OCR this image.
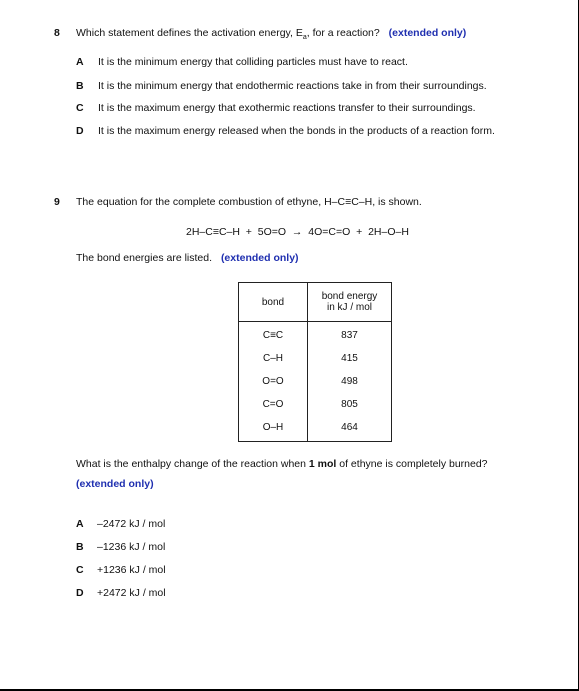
8 Which statement defines the activation energy, $E_a$, for a reaction? (extended only)
A It is the minimum energy that colliding particles must have to react.
B It is the minimum energy that endothermic reactions take in from their surroundings.
C It is the maximum energy that exothermic reactions transfer to their surroundings.
D It is the maximum energy released when the bonds in the products of a reaction form.
9 The equation for the complete combustion of ethyne, H–C≡C–H, is shown.
2H–C≡C–H  +  5O=O  →  4O=C=O  +  2H–O–H
The bond energies are listed. (extended only)
bond	bond energy
in kJ / mol
C≡C	837
C–H	415
O=O	498
C=O	805
O–H	464
What is the enthalpy change of the reaction when 1 mol of ethyne is completely burned?
(extended only)
A –2472 kJ / mol
B –1236 kJ / mol
C +1236 kJ / mol
D +2472 kJ / mol
